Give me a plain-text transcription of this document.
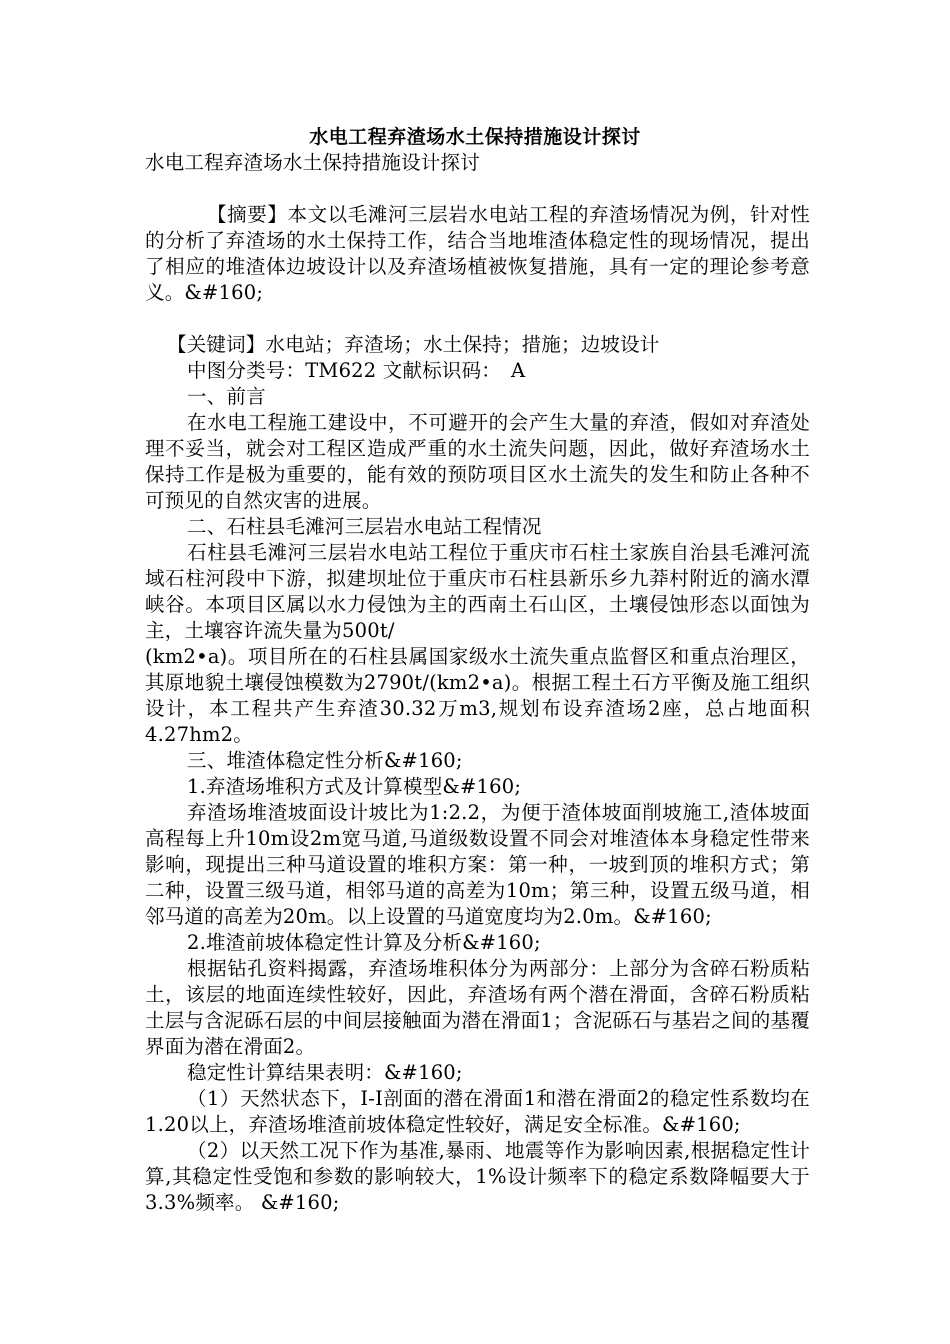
水电工程弃渣场水土保持措施设计探讨

水电工程弃渣场水土保持措施设计探讨

【摘要】本文以毛滩河三层岩水电站工程的弃渣场情况为例，针对性的分析了弃渣场的水土保持工作，结合当地堆渣体稳定性的现场情况，提出了相应的堆渣体边坡设计以及弃渣场植被恢复措施，具有一定的理论参考意义。&#160;

【关键词】水电站；弃渣场；水土保持；措施；边坡设计

中图分类号：TM622 文献标识码：　A

一、前言

在水电工程施工建设中，不可避开的会产生大量的弃渣，假如对弃渣处理不妥当，就会对工程区造成严重的水土流失问题，因此，做好弃渣场水土保持工作是极为重要的，能有效的预防项目区水土流失的发生和防止各种不可预见的自然灾害的进展。

二、石柱县毛滩河三层岩水电站工程情况

石柱县毛滩河三层岩水电站工程位于重庆市石柱土家族自治县毛滩河流域石柱河段中下游，拟建坝址位于重庆市石柱县新乐乡九莽村附近的滴水潭峡谷。本项目区属以水力侵蚀为主的西南土石山区，土壤侵蚀形态以面蚀为主，土壤容许流失量为500t/

(km2•a)。项目所在的石柱县属国家级水土流失重点监督区和重点治理区，其原地貌土壤侵蚀模数为2790t/(km2•a)。根据工程土石方平衡及施工组织设计，本工程共产生弃渣30.32万m3,规划布设弃渣场2座，总占地面积4.27hm2。

三、堆渣体稳定性分析&#160;

1.弃渣场堆积方式及计算模型&#160;

弃渣场堆渣坡面设计坡比为1:2.2，为便于渣体坡面削坡施工,渣体坡面高程每上升10m设2m宽马道,马道级数设置不同会对堆渣体本身稳定性带来影响，现提出三种马道设置的堆积方案：第一种，一坡到顶的堆积方式；第二种，设置三级马道，相邻马道的高差为10m；第三种，设置五级马道，相邻马道的高差为20m。以上设置的马道宽度均为2.0m。&#160;

2.堆渣前坡体稳定性计算及分析&#160;

根据钻孔资料揭露，弃渣场堆积体分为两部分：上部分为含碎石粉质粘土，该层的地面连续性较好，因此，弃渣场有两个潜在滑面，含碎石粉质粘土层与含泥砾石层的中间层接触面为潜在滑面1；含泥砾石与基岩之间的基覆界面为潜在滑面2。

稳定性计算结果表明：&#160;

（1）天然状态下，I-I剖面的潜在滑面1和潜在滑面2的稳定性系数均在1.20以上，弃渣场堆渣前坡体稳定性较好，满足安全标准。&#160;

（2）以天然工况下作为基准,暴雨、地震等作为影响因素,根据稳定性计算,其稳定性受饱和参数的影响较大，1%设计频率下的稳定系数降幅要大于3.3%频率。 &#160;
